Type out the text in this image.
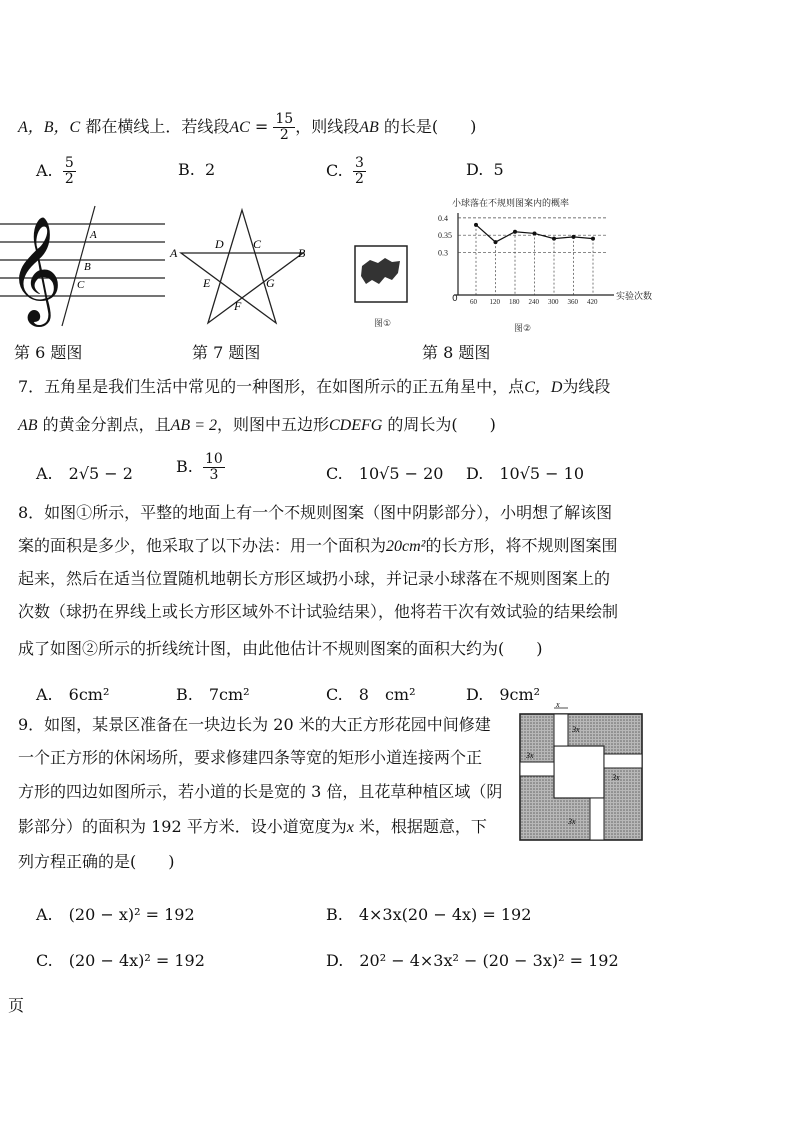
A，B，C 都在横线上．若线段AC = $\frac{15}{2}$ ，则线段AB 的长是(　　)
A. $\frac{5}{2}$	B. 2	C. $\frac{3}{2}$	D. 5
𝄞	A
B
C
A	B
C
D
E
F
G
图①
小球落在不规则图案内的概率
0	实验次数
0.3
0.35
0.4
60 120 180 240 300 360 420
图②
第 6 题图	第 7 题图	第 8 题图
7．五角星是我们生活中常见的一种图形，在如图所示的正五角星中，点C，D为线段
AB 的黄金分割点，且AB = 2，则图中五边形CDEFG 的周长为(　　)
A.　2√5 − 2	B. $\frac{10}{3}$	C.　10√5 − 20 D.　10√5 − 10
8．如图①所示，平整的地面上有一个不规则图案（图中阴影部分），小明想了解该图
案的面积是多少，他采取了以下办法：用一个面积为20cm²的长方形，将不规则图案围
起来，然后在适当位置随机地朝长方形区域扔小球，并记录小球落在不规则图案上的
次数（球扔在界线上或长方形区域外不计试验结果），他将若干次有效试验的结果绘制
成了如图②所示的折线统计图，由此他估计不规则图案的面积大约为(　　)
A.　6cm²	B.　7cm²	C.　8　cm²	D.　9cm²
9．如图，某景区准备在一块边长为 20 米的大正方形花园中间修建
一个正方形的休闲场所，要求修建四条等宽的矩形小道连接两个正
方形的四边如图所示，若小道的长是宽的 3 倍，且花草种植区域（阴
影部分）的面积为 192 平方米．设小道宽度为x 米，根据题意，下
列方程正确的是(　　)
x
3x
3x
3x
3x
A.　(20 − x)² = 192	B.　4×3x(20 − 4x) = 192
C.　(20 − 4x)² = 192	D.　20² − 4×3x² − (20 − 3x)² = 192
页
